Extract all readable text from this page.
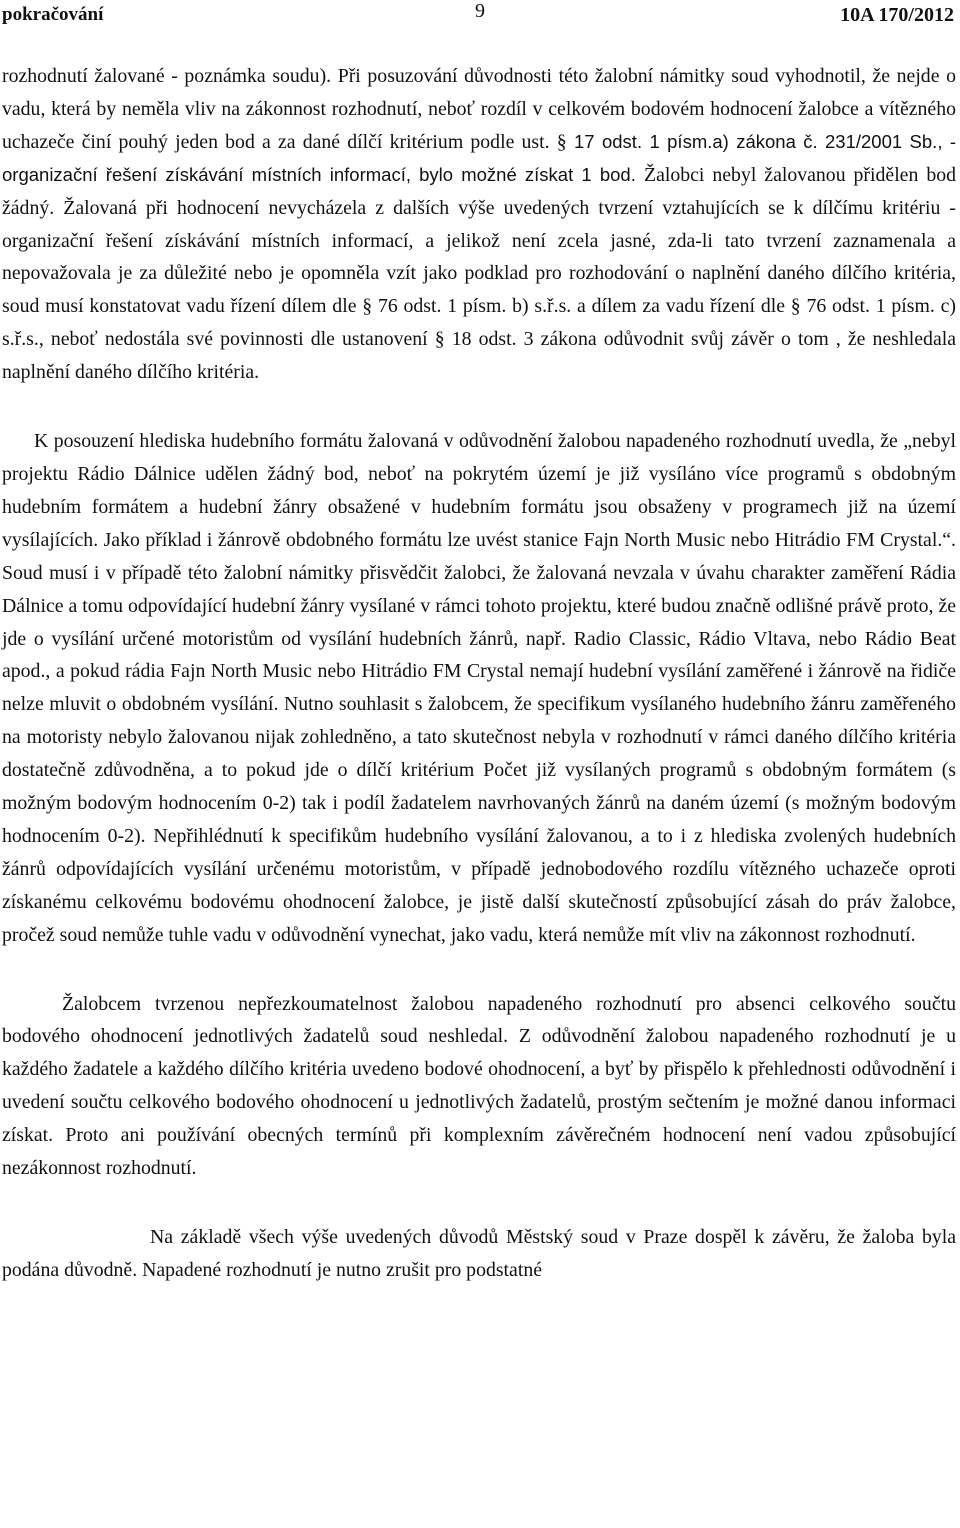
pokračování	9	10A 170/2012

rozhodnutí žalované - poznámka soudu). Při posuzování důvodnosti této žalobní námitky soud vyhodnotil, že nejde o vadu, která by neměla vliv na zákonnost rozhodnutí, neboť rozdíl v celkovém bodovém hodnocení žalobce a vítězného uchazeče činí pouhý jeden bod a za dané dílčí kritérium podle ust. § 17 odst. 1 písm.a) zákona č. 231/2001 Sb., - organizační řešení získávání místních informací, bylo možné získat 1 bod. Žalobci nebyl žalovanou přidělen bod žádný. Žalovaná při hodnocení nevycházela z dalších výše uvedených tvrzení vztahujících se k dílčímu kritériu - organizační řešení získávání místních informací, a jelikož není zcela jasné, zda-li tato tvrzení zaznamenala a nepovažovala je za důležité nebo je opomněla vzít jako podklad pro rozhodování o naplnění daného dílčího kritéria, soud musí konstatovat vadu řízení dílem dle § 76 odst. 1 písm. b) s.ř.s. a dílem za vadu řízení dle § 76 odst. 1 písm. c) s.ř.s., neboť nedostála své povinnosti dle ustanovení § 18 odst. 3 zákona odůvodnit svůj závěr o tom , že neshledala naplnění daného dílčího kritéria.

K posouzení hlediska hudebního formátu žalovaná v odůvodnění žalobou napadeného rozhodnutí uvedla, že „nebyl projektu Rádio Dálnice udělen žádný bod, neboť na pokrytém území je již vysíláno více programů s obdobným hudebním formátem a hudební žánry obsažené v hudebním formátu jsou obsaženy v programech již na území vysílajících. Jako příklad i žánrově obdobného formátu lze uvést stanice Fajn North Music nebo Hitrádio FM Crystal.“. Soud musí i v případě této žalobní námitky přisvědčit žalobci, že žalovaná nevzala v úvahu charakter zaměření Rádia Dálnice a tomu odpovídající hudební žánry vysílané v rámci tohoto projektu, které budou značně odlišné právě proto, že jde o vysílání určené motoristům od vysílání hudebních žánrů, např. Radio Classic, Rádio Vltava, nebo Rádio Beat apod., a pokud rádia Fajn North Music nebo Hitrádio FM Crystal nemají hudební vysílání zaměřené i žánrově na řidiče nelze mluvit o obdobném vysílání. Nutno souhlasit s žalobcem, že specifikum vysílaného hudebního žánru zaměřeného na motoristy nebylo žalovanou nijak zohledněno, a tato skutečnost nebyla v rozhodnutí v rámci daného dílčího kritéria dostatečně zdůvodněna, a to pokud jde o dílčí kritérium Počet již vysílaných programů s obdobným formátem (s možným bodovým hodnocením 0-2) tak i podíl žadatelem navrhovaných žánrů na daném území (s možným bodovým hodnocením 0-2). Nepřihlédnutí k specifikům hudebního vysílání žalovanou, a to i z hlediska zvolených hudebních žánrů odpovídajících vysílání určenému motoristům, v případě jednobodového rozdílu vítězného uchazeče oproti získanému celkovému bodovému ohodnocení žalobce, je jistě další skutečností způsobující zásah do práv žalobce, pročež soud nemůže tuhle vadu v odůvodnění vynechat, jako vadu, která nemůže mít vliv na zákonnost rozhodnutí.

Žalobcem tvrzenou nepřezkoumatelnost žalobou napadeného rozhodnutí pro absenci celkového součtu bodového ohodnocení jednotlivých žadatelů soud neshledal. Z odůvodnění žalobou napadeného rozhodnutí je u každého žadatele a každého dílčího kritéria uvedeno bodové ohodnocení, a byť by přispělo k přehlednosti odůvodnění i uvedení součtu celkového bodového ohodnocení u jednotlivých žadatelů, prostým sečtením je možné danou informaci získat. Proto ani používání obecných termínů při komplexním závěrečném hodnocení není vadou způsobující nezákonnost rozhodnutí.

Na základě všech výše uvedených důvodů Městský soud v Praze dospěl k závěru, že žaloba byla podána důvodně. Napadené rozhodnutí je nutno zrušit pro podstatné
